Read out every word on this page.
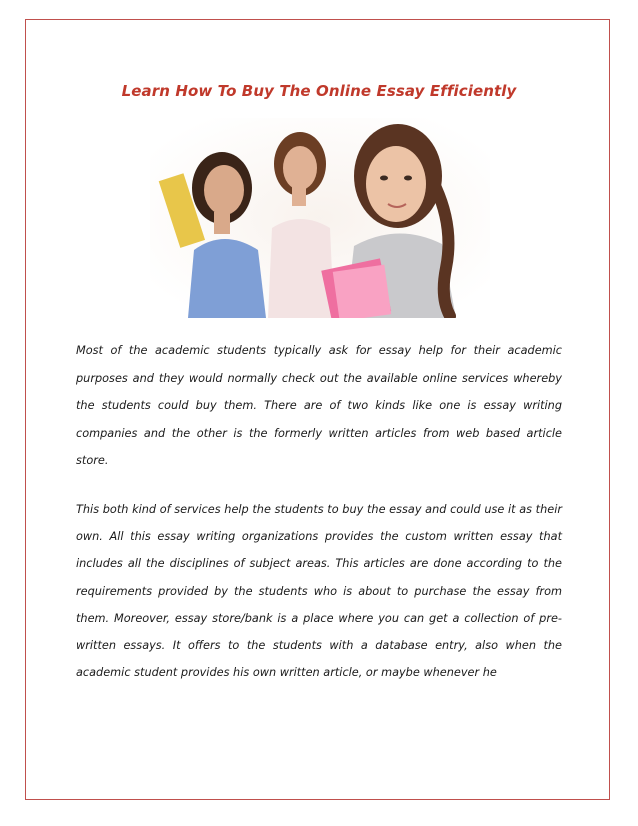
Learn How To Buy The Online Essay Efficiently

Most of the academic students typically ask for essay help for their academic purposes and they would normally check out the available online services whereby the students could buy them. There are of two kinds like one is essay writing companies and the other is the formerly written articles from web based article store.

This both kind of services help the students to buy the essay and could use it as their own. All this essay writing organizations provides the custom written essay that includes all the disciplines of subject areas. This articles are done according to the requirements provided by the students who is about to purchase the essay from them. Moreover, essay store/bank is a place where you can get a collection of pre-written essays. It offers to the students with a database entry, also when the academic student provides his own written article, or maybe whenever he
